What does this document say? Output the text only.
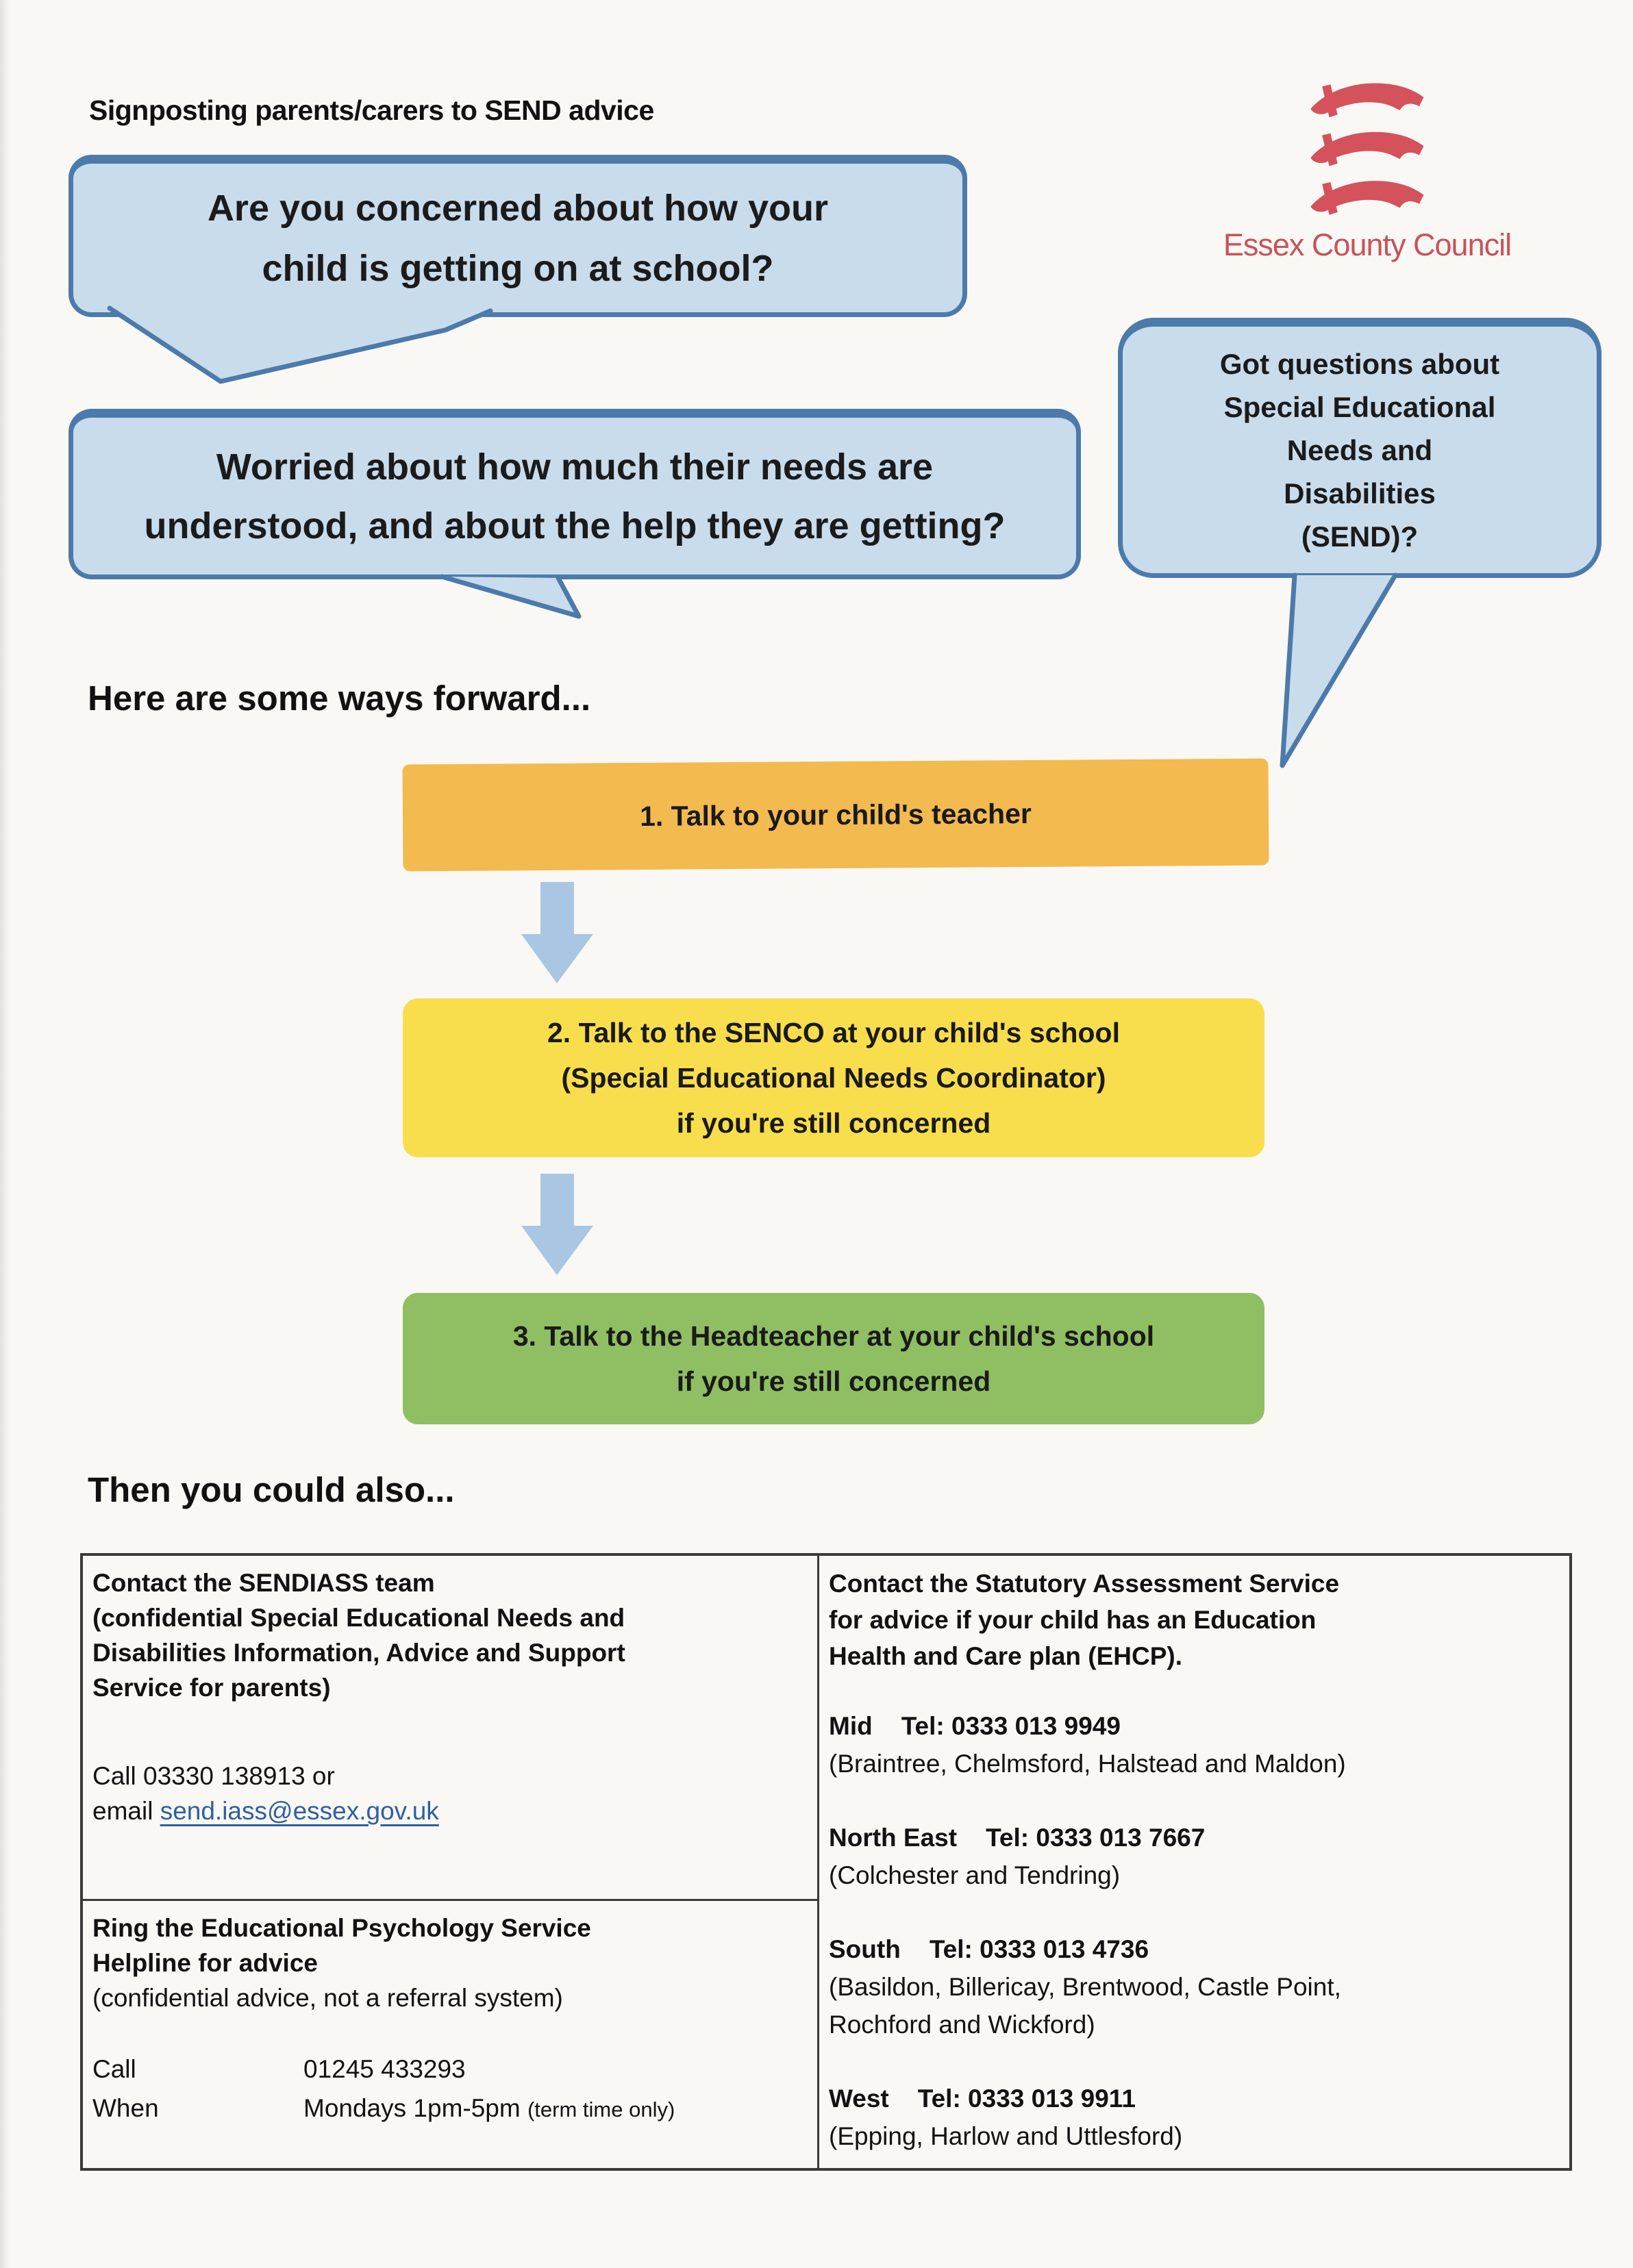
Signposting parents/carers to SEND advice
Essex County Council
Are you concerned about how your
child is getting on at school?
Worried about how much their needs are
understood, and about the help they are getting?
Got questions about
Special Educational
Needs and
Disabilities
(SEND)?
Here are some ways forward...
1. Talk to your child's teacher
2. Talk to the SENCO at your child's school
(Special Educational Needs Coordinator)
if you're still concerned
3. Talk to the Headteacher at your child's school
if you're still concerned
Then you could also...
Contact the SENDIASS team
(confidential Special Educational Needs and
Disabilities Information, Advice and Support
Service for parents)
Call 03330 138913 or
email send.iass@essex.gov.uk
Ring the Educational Psychology Service
Helpline for advice
(confidential advice, not a referral system)
Call	01245 433293
When	Mondays 1pm-5pm (term time only)
Contact the Statutory Assessment Service
for advice if your child has an Education
Health and Care plan (EHCP).
Mid Tel: 0333 013 9949
(Braintree, Chelmsford, Halstead and Maldon)
North East Tel: 0333 013 7667
(Colchester and Tendring)
South Tel: 0333 013 4736
(Basildon, Billericay, Brentwood, Castle Point,
Rochford and Wickford)
West Tel: 0333 013 9911
(Epping, Harlow and Uttlesford)
